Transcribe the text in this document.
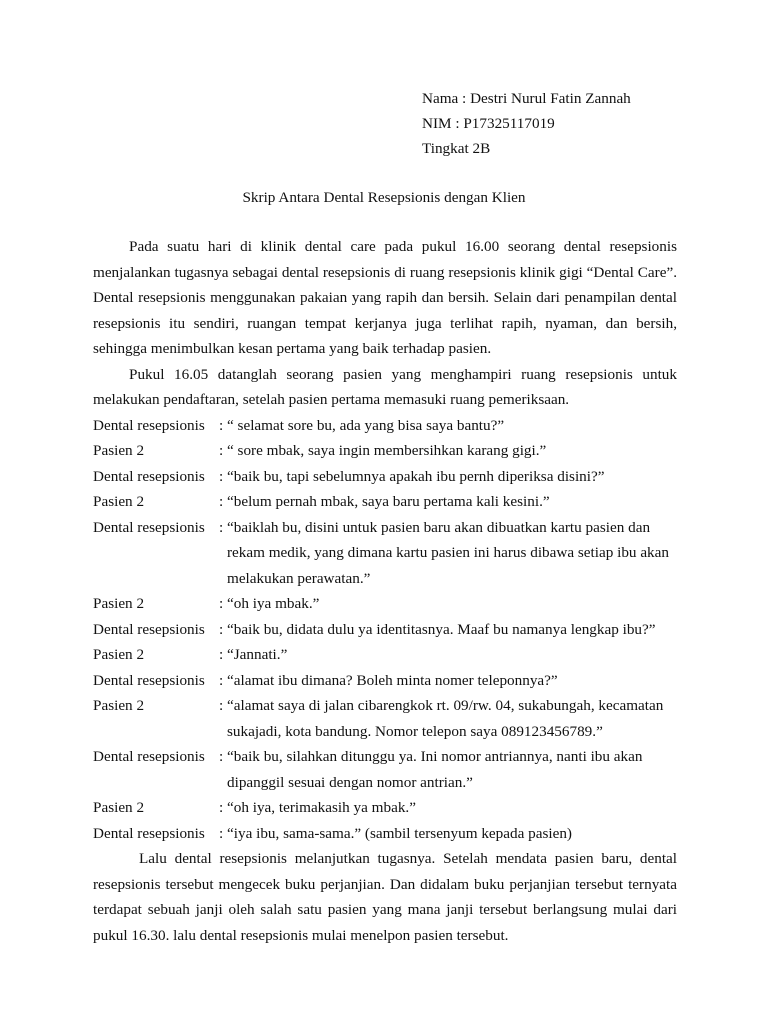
Nama : Destri Nurul Fatin Zannah
NIM : P17325117019
Tingkat 2B
Skrip Antara Dental Resepsionis dengan Klien

Pada suatu hari di klinik dental care pada pukul 16.00 seorang dental resepsionis menjalankan tugasnya sebagai dental resepsionis di ruang resepsionis klinik gigi “Dental Care”. Dental resepsionis menggunakan pakaian yang rapih dan bersih. Selain dari penampilan dental resepsionis itu sendiri, ruangan tempat kerjanya juga terlihat rapih, nyaman, dan bersih, sehingga menimbulkan kesan pertama yang baik terhadap pasien.

Pukul 16.05 datanglah seorang pasien yang menghampiri ruang resepsionis untuk melakukan pendaftaran, setelah pasien pertama memasuki ruang pemeriksaan.

Dental resepsionis : “ selamat sore bu, ada yang bisa saya bantu?”
Pasien 2	: “ sore mbak, saya ingin membersihkan karang gigi.”
Dental resepsionis : “baik bu, tapi sebelumnya apakah ibu pernh diperiksa disini?”
Pasien 2	: “belum pernah mbak, saya baru pertama kali kesini.”
Dental resepsionis : “baiklah bu, disini untuk pasien baru akan dibuatkan kartu pasien dan
rekam medik, yang dimana kartu pasien ini harus dibawa setiap ibu akan melakukan perawatan.”
Pasien 2	: “oh iya mbak.”
Dental resepsionis : “baik bu, didata dulu ya identitasnya. Maaf bu namanya lengkap ibu?”
Pasien 2	: “Jannati.”
Dental resepsionis : “alamat ibu dimana? Boleh minta nomer teleponnya?”
Pasien 2	: “alamat saya di jalan cibarengkok rt. 09/rw. 04, sukabungah, kecamatan
sukajadi, kota bandung. Nomor telepon saya 089123456789.”
Dental resepsionis : “baik bu, silahkan ditunggu ya. Ini nomor antriannya, nanti ibu akan
dipanggil sesuai dengan nomor antrian.”
Pasien 2	: “oh iya, terimakasih ya mbak.”
Dental resepsionis : “iya ibu, sama-sama.” (sambil tersenyum kepada pasien)

Lalu dental resepsionis melanjutkan tugasnya. Setelah mendata pasien baru, dental resepsionis tersebut mengecek buku perjanjian. Dan didalam buku perjanjian tersebut ternyata terdapat sebuah janji oleh salah satu pasien yang mana janji tersebut berlangsung mulai dari pukul 16.30. lalu dental resepsionis mulai menelpon pasien tersebut.
